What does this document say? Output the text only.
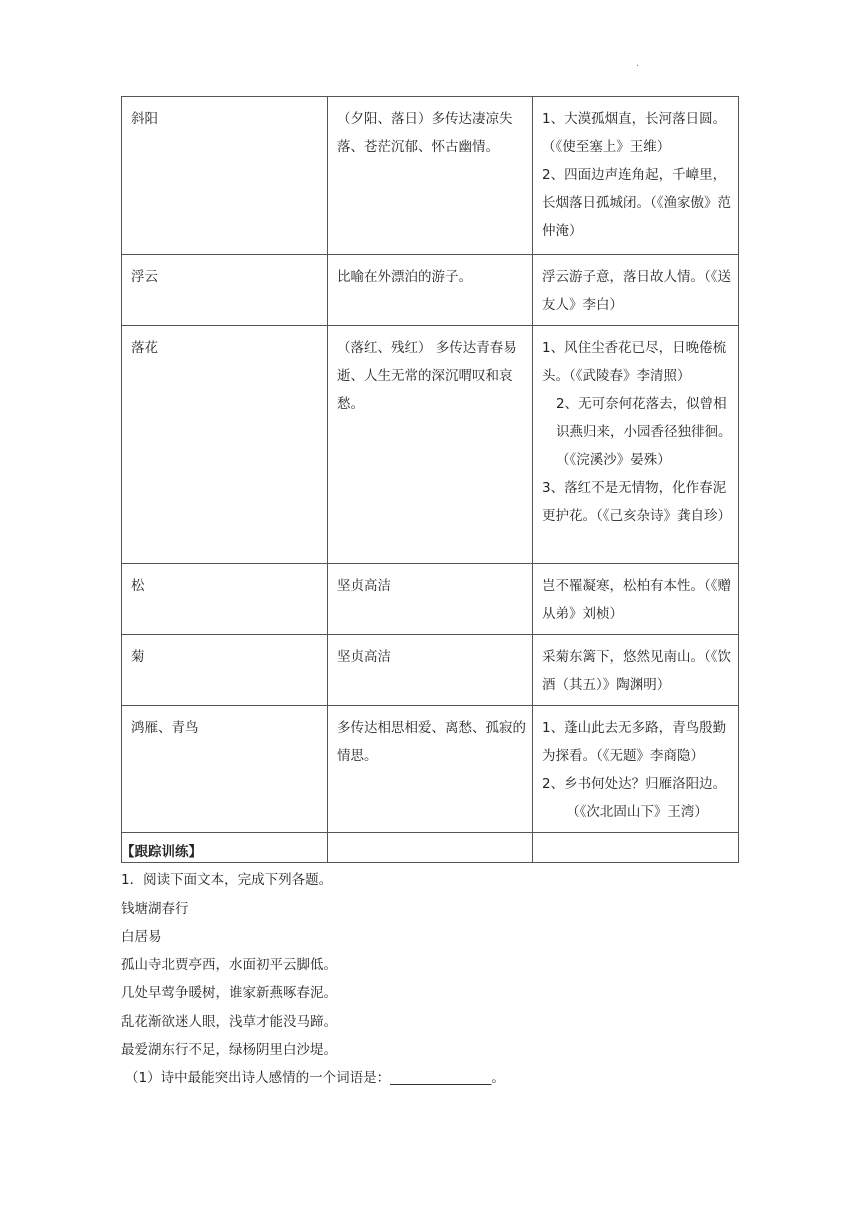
.
斜阳	（夕阳、落日）多传达凄凉失落、苍茫沉郁、怀古幽情。	1、大漠孤烟直，长河落日圆。（《使至塞上》王维）
2、四面边声连角起，千嶂里，长烟落日孤城闭。（《渔家傲》范仲淹）

浮云	比喻在外漂泊的游子。	浮云游子意，落日故人情。（《送友人》李白）

落花	（落红、残红） 多传达青春易逝、人生无常的深沉喟叹和哀愁。	1、风住尘香花已尽，日晚倦梳头。（《武陵春》李清照）
2、无可奈何花落去，似曾相识燕归来，小园香径独徘徊。（《浣溪沙》晏殊）
3、落红不是无情物，化作春泥更护花。（《己亥杂诗》龚自珍）

松	坚贞高洁	岂不罹凝寒，松柏有本性。（《赠从弟》刘桢）

菊	坚贞高洁	采菊东篱下，悠然见南山。（《饮酒（其五）》陶渊明）

鸿雁、青鸟	多传达相思相爱、离愁、孤寂的情思。	1、蓬山此去无多路，青鸟殷勤为探看。（《无题》李商隐）
2、乡书何处达？归雁洛阳边。
（《次北固山下》王湾）

【跟踪训练】

1．阅读下面文本，完成下列各题。

钱塘湖春行

白居易

孤山寺北贾亭西，水面初平云脚低。

几处早莺争暖树，谁家新燕啄春泥。

乱花渐欲迷人眼，浅草才能没马蹄。

最爱湖东行不足，绿杨阴里白沙堤。

（1）诗中最能突出诗人感情的一个词语是：_______________。
